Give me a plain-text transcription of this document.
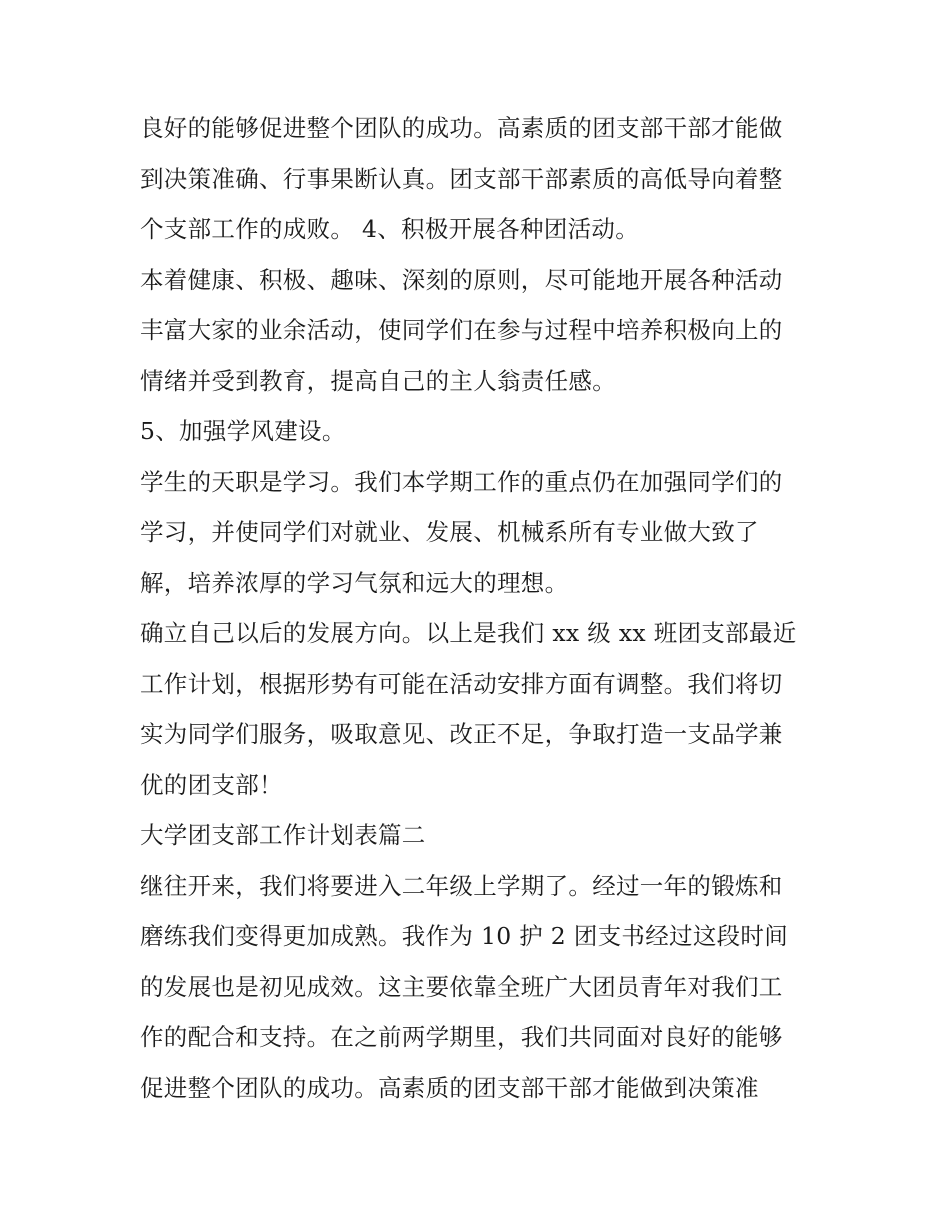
良好的能够促进整个团队的成功。高素质的团支部干部才能做
到决策准确、行事果断认真。团支部干部素质的高低导向着整
个支部工作的成败。 4、积极开展各种团活动。
本着健康、积极、趣味、深刻的原则，尽可能地开展各种活动
丰富大家的业余活动，使同学们在参与过程中培养积极向上的
情绪并受到教育，提高自己的主人翁责任感。
5、加强学风建设。
学生的天职是学习。我们本学期工作的重点仍在加强同学们的
学习，并使同学们对就业、发展、机械系所有专业做大致了
解，培养浓厚的学习气氛和远大的理想。
确立自己以后的发展方向。以上是我们 xx 级 xx 班团支部最近
工作计划，根据形势有可能在活动安排方面有调整。我们将切
实为同学们服务，吸取意见、改正不足，争取打造一支品学兼
优的团支部！
大学团支部工作计划表篇二
继往开来，我们将要进入二年级上学期了。经过一年的锻炼和
磨练我们变得更加成熟。我作为 10 护 2 团支书经过这段时间
的发展也是初见成效。这主要依靠全班广大团员青年对我们工
作的配合和支持。在之前两学期里，我们共同面对良好的能够
促进整个团队的成功。高素质的团支部干部才能做到决策准
